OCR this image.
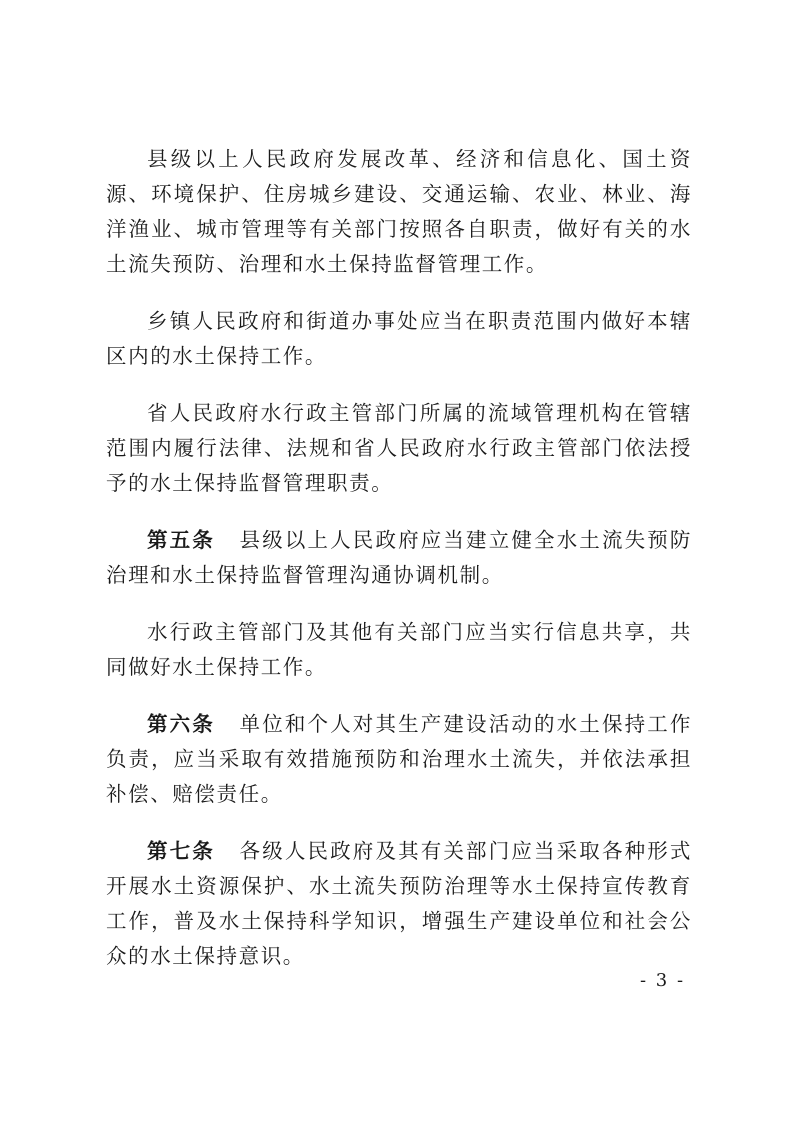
县级以上人民政府发展改革、经济和信息化、国土资源、环境保护、住房城乡建设、交通运输、农业、林业、海洋渔业、城市管理等有关部门按照各自职责，做好有关的水土流失预防、治理和水土保持监督管理工作。

乡镇人民政府和街道办事处应当在职责范围内做好本辖区内的水土保持工作。

省人民政府水行政主管部门所属的流域管理机构在管辖范围内履行法律、法规和省人民政府水行政主管部门依法授予的水土保持监督管理职责。

第五条 县级以上人民政府应当建立健全水土流失预防治理和水土保持监督管理沟通协调机制。

水行政主管部门及其他有关部门应当实行信息共享，共同做好水土保持工作。

第六条 单位和个人对其生产建设活动的水土保持工作负责，应当采取有效措施预防和治理水土流失，并依法承担补偿、赔偿责任。

第七条 各级人民政府及其有关部门应当采取各种形式开展水土资源保护、水土流失预防治理等水土保持宣传教育工作，普及水土保持科学知识，增强生产建设单位和社会公众的水土保持意识。

- 3 -
